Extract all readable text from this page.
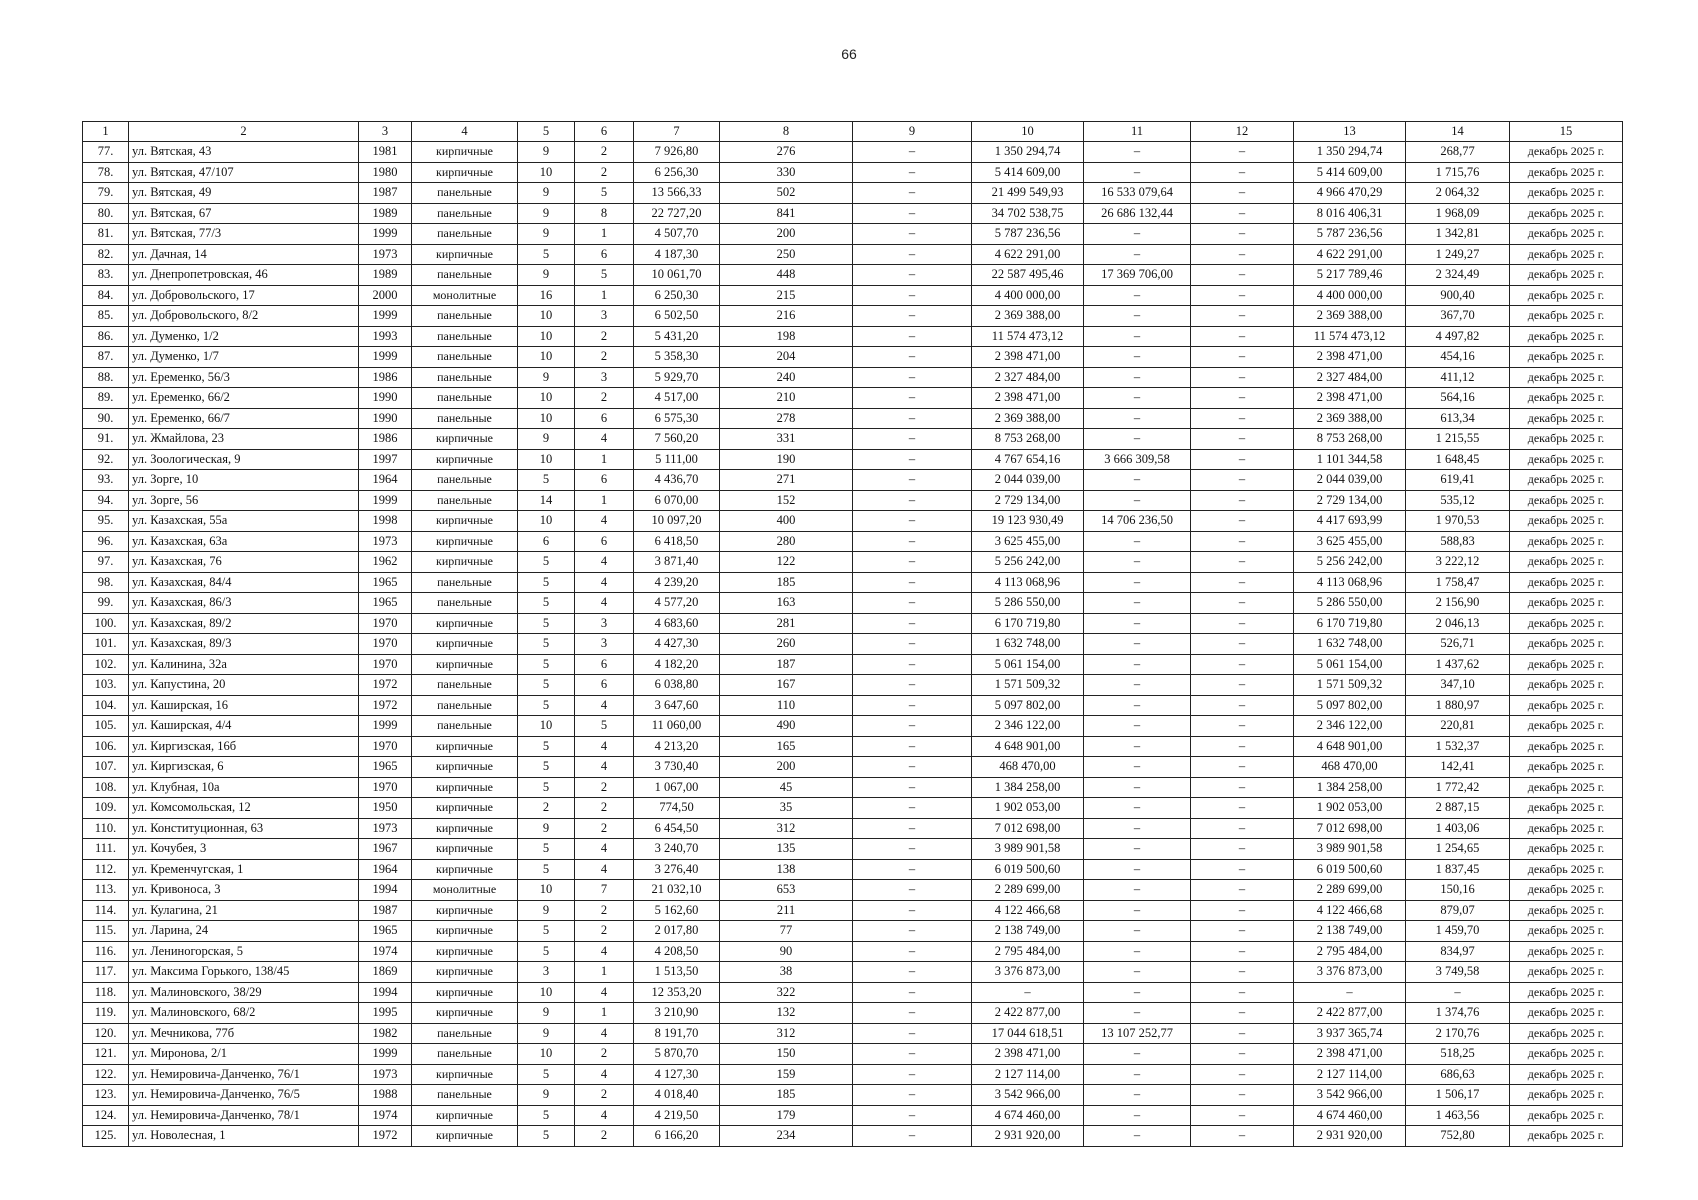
66
1	2	3	4	5	6	7	8	9	10	11	12	13	14	15
77.	ул. Вятская, 43	1981	кирпичные	9	2	7 926,80	276	–	1 350 294,74	–	–	1 350 294,74	268,77	декабрь 2025 г.
78.	ул. Вятская, 47/107	1980	кирпичные	10	2	6 256,30	330	–	5 414 609,00	–	–	5 414 609,00	1 715,76	декабрь 2025 г.
79.	ул. Вятская, 49	1987	панельные	9	5	13 566,33	502	–	21 499 549,93	16 533 079,64	–	4 966 470,29	2 064,32	декабрь 2025 г.
80.	ул. Вятская, 67	1989	панельные	9	8	22 727,20	841	–	34 702 538,75	26 686 132,44	–	8 016 406,31	1 968,09	декабрь 2025 г.
81.	ул. Вятская, 77/3	1999	панельные	9	1	4 507,70	200	–	5 787 236,56	–	–	5 787 236,56	1 342,81	декабрь 2025 г.
82.	ул. Дачная, 14	1973	кирпичные	5	6	4 187,30	250	–	4 622 291,00	–	–	4 622 291,00	1 249,27	декабрь 2025 г.
83.	ул. Днепропетровская, 46	1989	панельные	9	5	10 061,70	448	–	22 587 495,46	17 369 706,00	–	5 217 789,46	2 324,49	декабрь 2025 г.
84.	ул. Добровольского, 17	2000	монолитные	16	1	6 250,30	215	–	4 400 000,00	–	–	4 400 000,00	900,40	декабрь 2025 г.
85.	ул. Добровольского, 8/2	1999	панельные	10	3	6 502,50	216	–	2 369 388,00	–	–	2 369 388,00	367,70	декабрь 2025 г.
86.	ул. Думенко, 1/2	1993	панельные	10	2	5 431,20	198	–	11 574 473,12	–	–	11 574 473,12	4 497,82	декабрь 2025 г.
87.	ул. Думенко, 1/7	1999	панельные	10	2	5 358,30	204	–	2 398 471,00	–	–	2 398 471,00	454,16	декабрь 2025 г.
88.	ул. Еременко, 56/3	1986	панельные	9	3	5 929,70	240	–	2 327 484,00	–	–	2 327 484,00	411,12	декабрь 2025 г.
89.	ул. Еременко, 66/2	1990	панельные	10	2	4 517,00	210	–	2 398 471,00	–	–	2 398 471,00	564,16	декабрь 2025 г.
90.	ул. Еременко, 66/7	1990	панельные	10	6	6 575,30	278	–	2 369 388,00	–	–	2 369 388,00	613,34	декабрь 2025 г.
91.	ул. Жмайлова, 23	1986	кирпичные	9	4	7 560,20	331	–	8 753 268,00	–	–	8 753 268,00	1 215,55	декабрь 2025 г.
92.	ул. Зоологическая, 9	1997	кирпичные	10	1	5 111,00	190	–	4 767 654,16	3 666 309,58	–	1 101 344,58	1 648,45	декабрь 2025 г.
93.	ул. Зорге, 10	1964	панельные	5	6	4 436,70	271	–	2 044 039,00	–	–	2 044 039,00	619,41	декабрь 2025 г.
94.	ул. Зорге, 56	1999	панельные	14	1	6 070,00	152	–	2 729 134,00	–	–	2 729 134,00	535,12	декабрь 2025 г.
95.	ул. Казахская, 55а	1998	кирпичные	10	4	10 097,20	400	–	19 123 930,49	14 706 236,50	–	4 417 693,99	1 970,53	декабрь 2025 г.
96.	ул. Казахская, 63а	1973	кирпичные	6	6	6 418,50	280	–	3 625 455,00	–	–	3 625 455,00	588,83	декабрь 2025 г.
97.	ул. Казахская, 76	1962	кирпичные	5	4	3 871,40	122	–	5 256 242,00	–	–	5 256 242,00	3 222,12	декабрь 2025 г.
98.	ул. Казахская, 84/4	1965	панельные	5	4	4 239,20	185	–	4 113 068,96	–	–	4 113 068,96	1 758,47	декабрь 2025 г.
99.	ул. Казахская, 86/3	1965	панельные	5	4	4 577,20	163	–	5 286 550,00	–	–	5 286 550,00	2 156,90	декабрь 2025 г.
100.	ул. Казахская, 89/2	1970	кирпичные	5	3	4 683,60	281	–	6 170 719,80	–	–	6 170 719,80	2 046,13	декабрь 2025 г.
101.	ул. Казахская, 89/3	1970	кирпичные	5	3	4 427,30	260	–	1 632 748,00	–	–	1 632 748,00	526,71	декабрь 2025 г.
102.	ул. Калинина, 32а	1970	кирпичные	5	6	4 182,20	187	–	5 061 154,00	–	–	5 061 154,00	1 437,62	декабрь 2025 г.
103.	ул. Капустина, 20	1972	панельные	5	6	6 038,80	167	–	1 571 509,32	–	–	1 571 509,32	347,10	декабрь 2025 г.
104.	ул. Каширская, 16	1972	панельные	5	4	3 647,60	110	–	5 097 802,00	–	–	5 097 802,00	1 880,97	декабрь 2025 г.
105.	ул. Каширская, 4/4	1999	панельные	10	5	11 060,00	490	–	2 346 122,00	–	–	2 346 122,00	220,81	декабрь 2025 г.
106.	ул. Киргизская, 16б	1970	кирпичные	5	4	4 213,20	165	–	4 648 901,00	–	–	4 648 901,00	1 532,37	декабрь 2025 г.
107.	ул. Киргизская, 6	1965	кирпичные	5	4	3 730,40	200	–	468 470,00	–	–	468 470,00	142,41	декабрь 2025 г.
108.	ул. Клубная, 10а	1970	кирпичные	5	2	1 067,00	45	–	1 384 258,00	–	–	1 384 258,00	1 772,42	декабрь 2025 г.
109.	ул. Комсомольская, 12	1950	кирпичные	2	2	774,50	35	–	1 902 053,00	–	–	1 902 053,00	2 887,15	декабрь 2025 г.
110.	ул. Конституционная, 63	1973	кирпичные	9	2	6 454,50	312	–	7 012 698,00	–	–	7 012 698,00	1 403,06	декабрь 2025 г.
111.	ул. Кочубея, 3	1967	кирпичные	5	4	3 240,70	135	–	3 989 901,58	–	–	3 989 901,58	1 254,65	декабрь 2025 г.
112.	ул. Кременчугская, 1	1964	кирпичные	5	4	3 276,40	138	–	6 019 500,60	–	–	6 019 500,60	1 837,45	декабрь 2025 г.
113.	ул. Кривоноса, 3	1994	монолитные	10	7	21 032,10	653	–	2 289 699,00	–	–	2 289 699,00	150,16	декабрь 2025 г.
114.	ул. Кулагина, 21	1987	кирпичные	9	2	5 162,60	211	–	4 122 466,68	–	–	4 122 466,68	879,07	декабрь 2025 г.
115.	ул. Ларина, 24	1965	кирпичные	5	2	2 017,80	77	–	2 138 749,00	–	–	2 138 749,00	1 459,70	декабрь 2025 г.
116.	ул. Лениногорская, 5	1974	кирпичные	5	4	4 208,50	90	–	2 795 484,00	–	–	2 795 484,00	834,97	декабрь 2025 г.
117.	ул. Максима Горького, 138/45	1869	кирпичные	3	1	1 513,50	38	–	3 376 873,00	–	–	3 376 873,00	3 749,58	декабрь 2025 г.
118.	ул. Малиновского, 38/29	1994	кирпичные	10	4	12 353,20	322	–	–	–	–	–	–	декабрь 2025 г.
119.	ул. Малиновского, 68/2	1995	кирпичные	9	1	3 210,90	132	–	2 422 877,00	–	–	2 422 877,00	1 374,76	декабрь 2025 г.
120.	ул. Мечникова, 77б	1982	панельные	9	4	8 191,70	312	–	17 044 618,51	13 107 252,77	–	3 937 365,74	2 170,76	декабрь 2025 г.
121.	ул. Миронова, 2/1	1999	панельные	10	2	5 870,70	150	–	2 398 471,00	–	–	2 398 471,00	518,25	декабрь 2025 г.
122.	ул. Немировича-Данченко, 76/1	1973	кирпичные	5	4	4 127,30	159	–	2 127 114,00	–	–	2 127 114,00	686,63	декабрь 2025 г.
123.	ул. Немировича-Данченко, 76/5	1988	панельные	9	2	4 018,40	185	–	3 542 966,00	–	–	3 542 966,00	1 506,17	декабрь 2025 г.
124.	ул. Немировича-Данченко, 78/1	1974	кирпичные	5	4	4 219,50	179	–	4 674 460,00	–	–	4 674 460,00	1 463,56	декабрь 2025 г.
125.	ул. Новолесная, 1	1972	кирпичные	5	2	6 166,20	234	–	2 931 920,00	–	–	2 931 920,00	752,80	декабрь 2025 г.
